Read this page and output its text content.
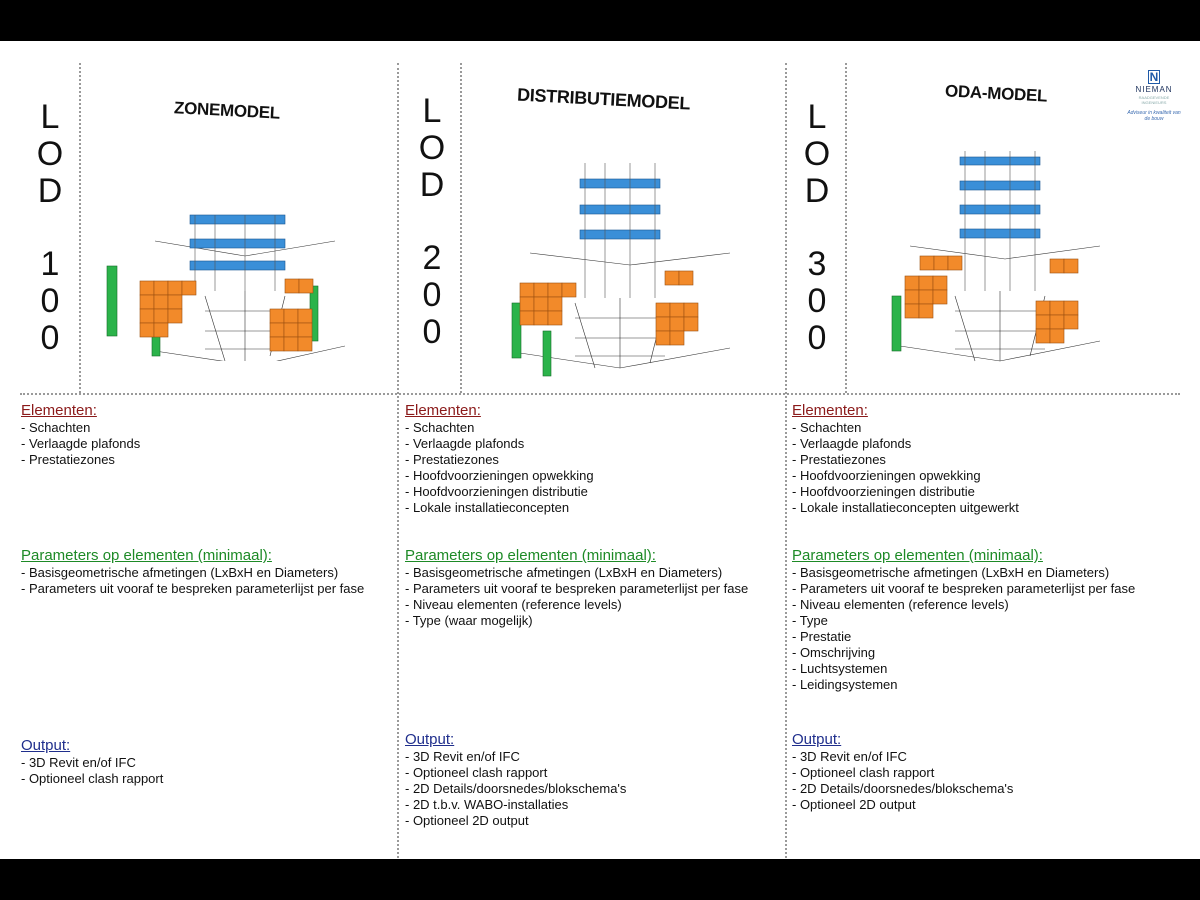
N
NIEMAN
RAADGEVENDE INGENIEURS
Adviseur in kwaliteit van de bouw
L
O
D
1
0
0
L
O
D
2
0
0
L
O
D
3
0
0
ZONEMODEL	DISTRIBUTIEMODEL	ODA-MODEL
Elementen:
- Schachten
- Verlaagde plafonds
- Prestatiezones
Parameters op elementen (minimaal):
- Basisgeometrische afmetingen (LxBxH en Diameters)
- Parameters uit vooraf te bespreken parameterlijst per fase
Output:
- 3D Revit en/of IFC
- Optioneel clash rapport
Elementen:
- Schachten
- Verlaagde plafonds
- Prestatiezones
- Hoofdvoorzieningen opwekking
- Hoofdvoorzieningen distributie
- Lokale installatieconcepten
Parameters op elementen (minimaal):
- Basisgeometrische afmetingen (LxBxH en Diameters)
- Parameters uit vooraf te bespreken parameterlijst per fase
- Niveau elementen (reference levels)
- Type (waar mogelijk)
Output:
- 3D Revit en/of IFC
- Optioneel clash rapport
- 2D Details/doorsnedes/blokschema's
- 2D t.b.v. WABO-installaties
- Optioneel 2D output
Elementen:
- Schachten
- Verlaagde plafonds
- Prestatiezones
- Hoofdvoorzieningen opwekking
- Hoofdvoorzieningen distributie
- Lokale installatieconcepten uitgewerkt
Parameters op elementen (minimaal):
- Basisgeometrische afmetingen (LxBxH en Diameters)
- Parameters uit vooraf te bespreken parameterlijst per fase
- Niveau elementen (reference levels)
- Type
- Prestatie
- Omschrijving
- Luchtsystemen
- Leidingsystemen
Output:
- 3D Revit en/of IFC
- Optioneel clash rapport
- 2D Details/doorsnedes/blokschema's
- Optioneel 2D output
